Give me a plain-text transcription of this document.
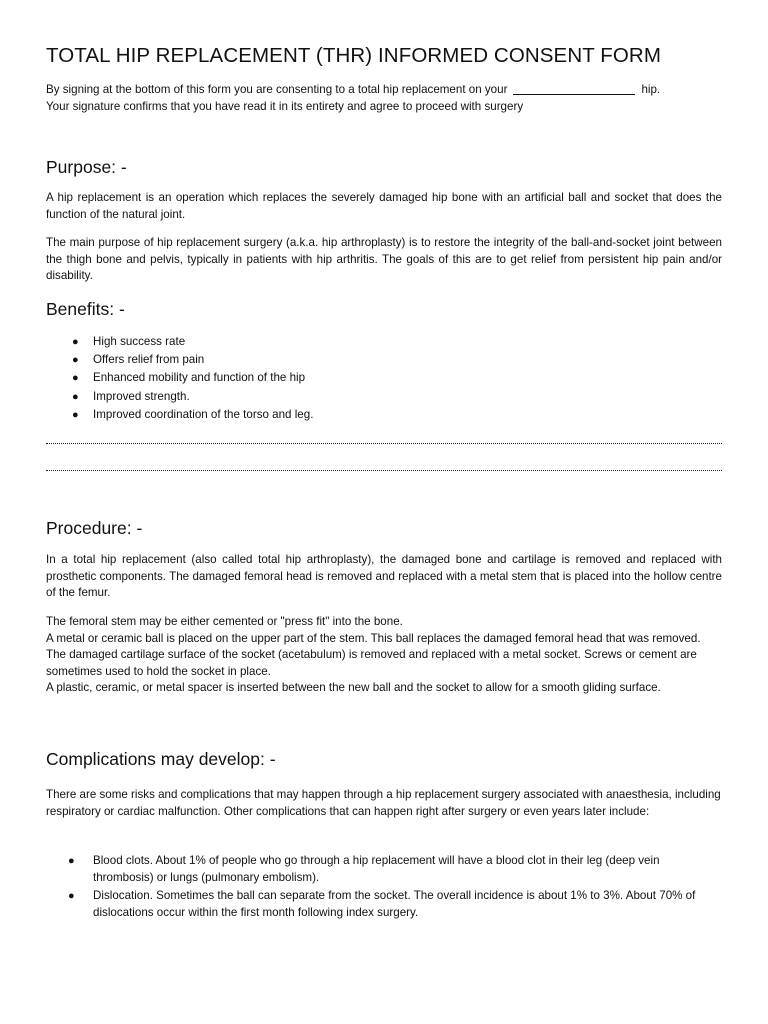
TOTAL HIP REPLACEMENT (THR) INFORMED CONSENT FORM
By signing at the bottom of this form you are consenting to a total hip replacement on your	hip.
Your signature confirms that you have read it in its entirety and agree to proceed with surgery
Purpose: -

A hip replacement is an operation which replaces the severely damaged hip bone with an artificial ball and socket that does the function of the natural joint.

The main purpose of hip replacement surgery (a.k.a. hip arthroplasty) is to restore the integrity of the ball-and-socket joint between the thigh bone and pelvis, typically in patients with hip arthritis. The goals of this are to get relief from persistent hip pain and/or disability.

Benefits: -
● High success rate
● Offers relief from pain
● Enhanced mobility and function of the hip
● Improved strength.
● Improved coordination of the torso and leg.
Procedure: -

In a total hip replacement (also called total hip arthroplasty), the damaged bone and cartilage is removed and replaced with prosthetic components. The damaged femoral head is removed and replaced with a metal stem that is placed into the hollow centre of the femur.

The femoral stem may be either cemented or "press fit" into the bone.
A metal or ceramic ball is placed on the upper part of the stem. This ball replaces the damaged femoral head that was removed.
The damaged cartilage surface of the socket (acetabulum) is removed and replaced with a metal socket. Screws or cement are sometimes used to hold the socket in place.
A plastic, ceramic, or metal spacer is inserted between the new ball and the socket to allow for a smooth gliding surface.
Complications may develop: -

There are some risks and complications that may happen through a hip replacement surgery associated with anaesthesia, including respiratory or cardiac malfunction. Other complications that can happen right after surgery or even years later include:

● Blood clots. About 1% of people who go through a hip replacement will have a blood clot in their leg (deep vein thrombosis) or lungs (pulmonary embolism).
● Dislocation. Sometimes the ball can separate from the socket. The overall incidence is about 1% to 3%. About 70% of dislocations occur within the first month following index surgery.
